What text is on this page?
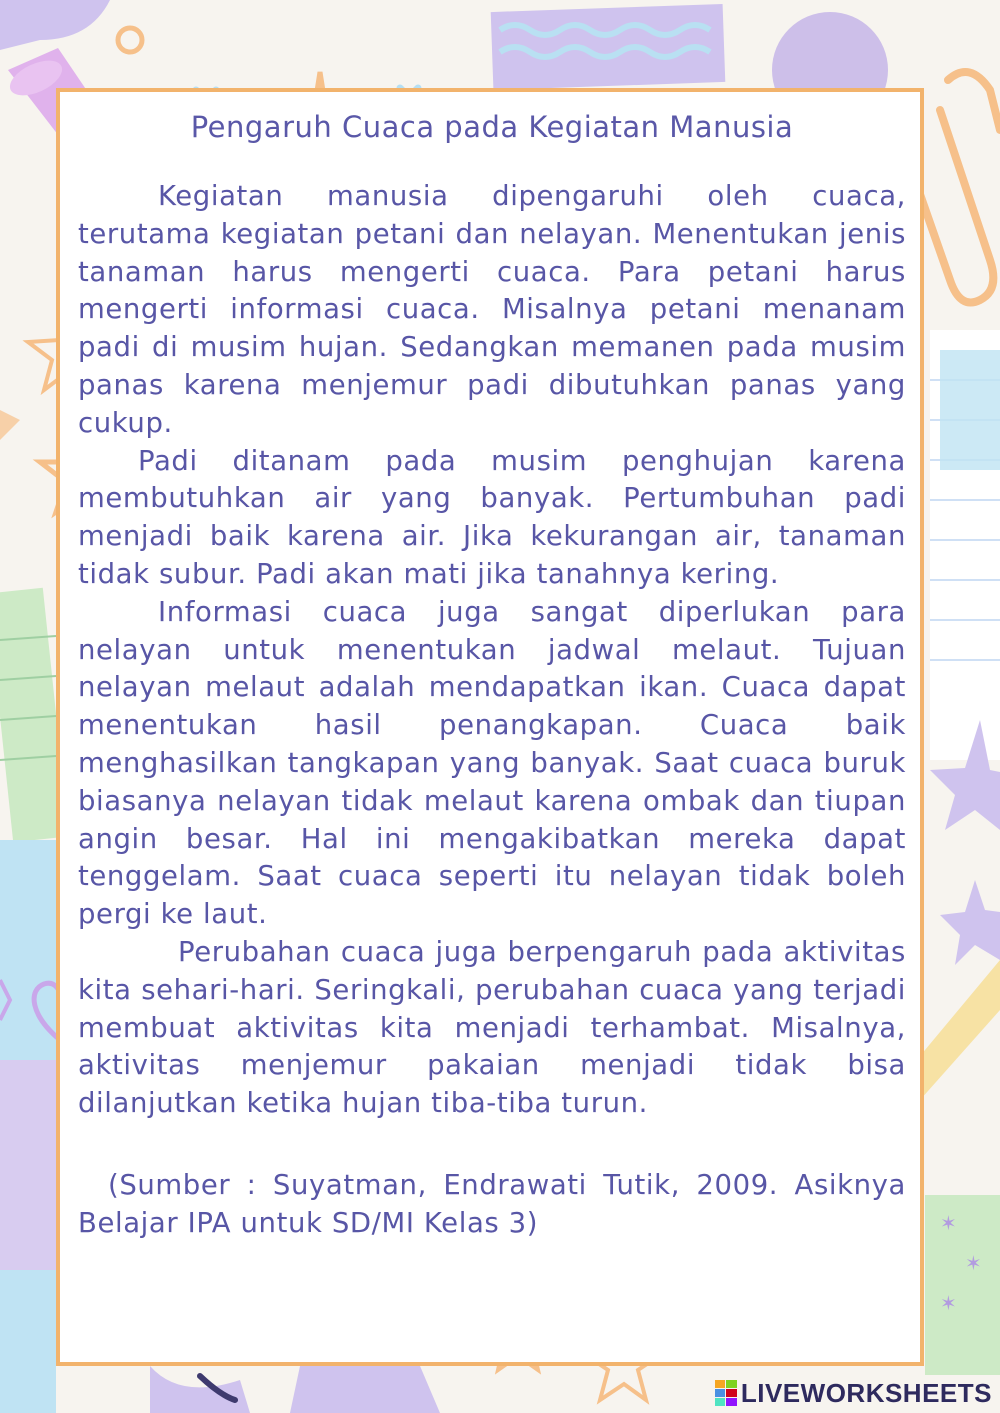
✶
✶
✶
Pengaruh Cuaca pada Kegiatan Manusia

Kegiatan manusia dipengaruhi oleh cuaca, terutama kegiatan petani dan nelayan. Menentukan jenis tanaman harus mengerti cuaca. Para petani harus mengerti informasi cuaca. Misalnya petani menanam padi di musim hujan. Sedangkan memanen pada musim panas karena menjemur padi dibutuhkan panas yang cukup.

Padi ditanam pada musim penghujan karena membutuhkan air yang banyak. Pertumbuhan padi menjadi baik karena air. Jika kekurangan air, tanaman tidak subur. Padi akan mati jika tanahnya kering.

Informasi cuaca juga sangat diperlukan para nelayan untuk menentukan jadwal melaut. Tujuan nelayan melaut adalah mendapatkan ikan. Cuaca dapat menentukan hasil penangkapan. Cuaca baik menghasilkan tangkapan yang banyak. Saat cuaca buruk biasanya nelayan tidak melaut karena ombak dan tiupan angin besar. Hal ini mengakibatkan mereka dapat tenggelam. Saat cuaca seperti itu nelayan tidak boleh pergi ke laut.

Perubahan cuaca juga berpengaruh pada aktivitas kita sehari-hari. Seringkali, perubahan cuaca yang terjadi membuat aktivitas kita menjadi terhambat. Misalnya, aktivitas menjemur pakaian menjadi tidak bisa dilanjutkan ketika hujan tiba-tiba turun.

(Sumber : Suyatman, Endrawati Tutik, 2009. Asiknya Belajar IPA untuk SD/MI Kelas 3)

LIVEWORKSHEETS
